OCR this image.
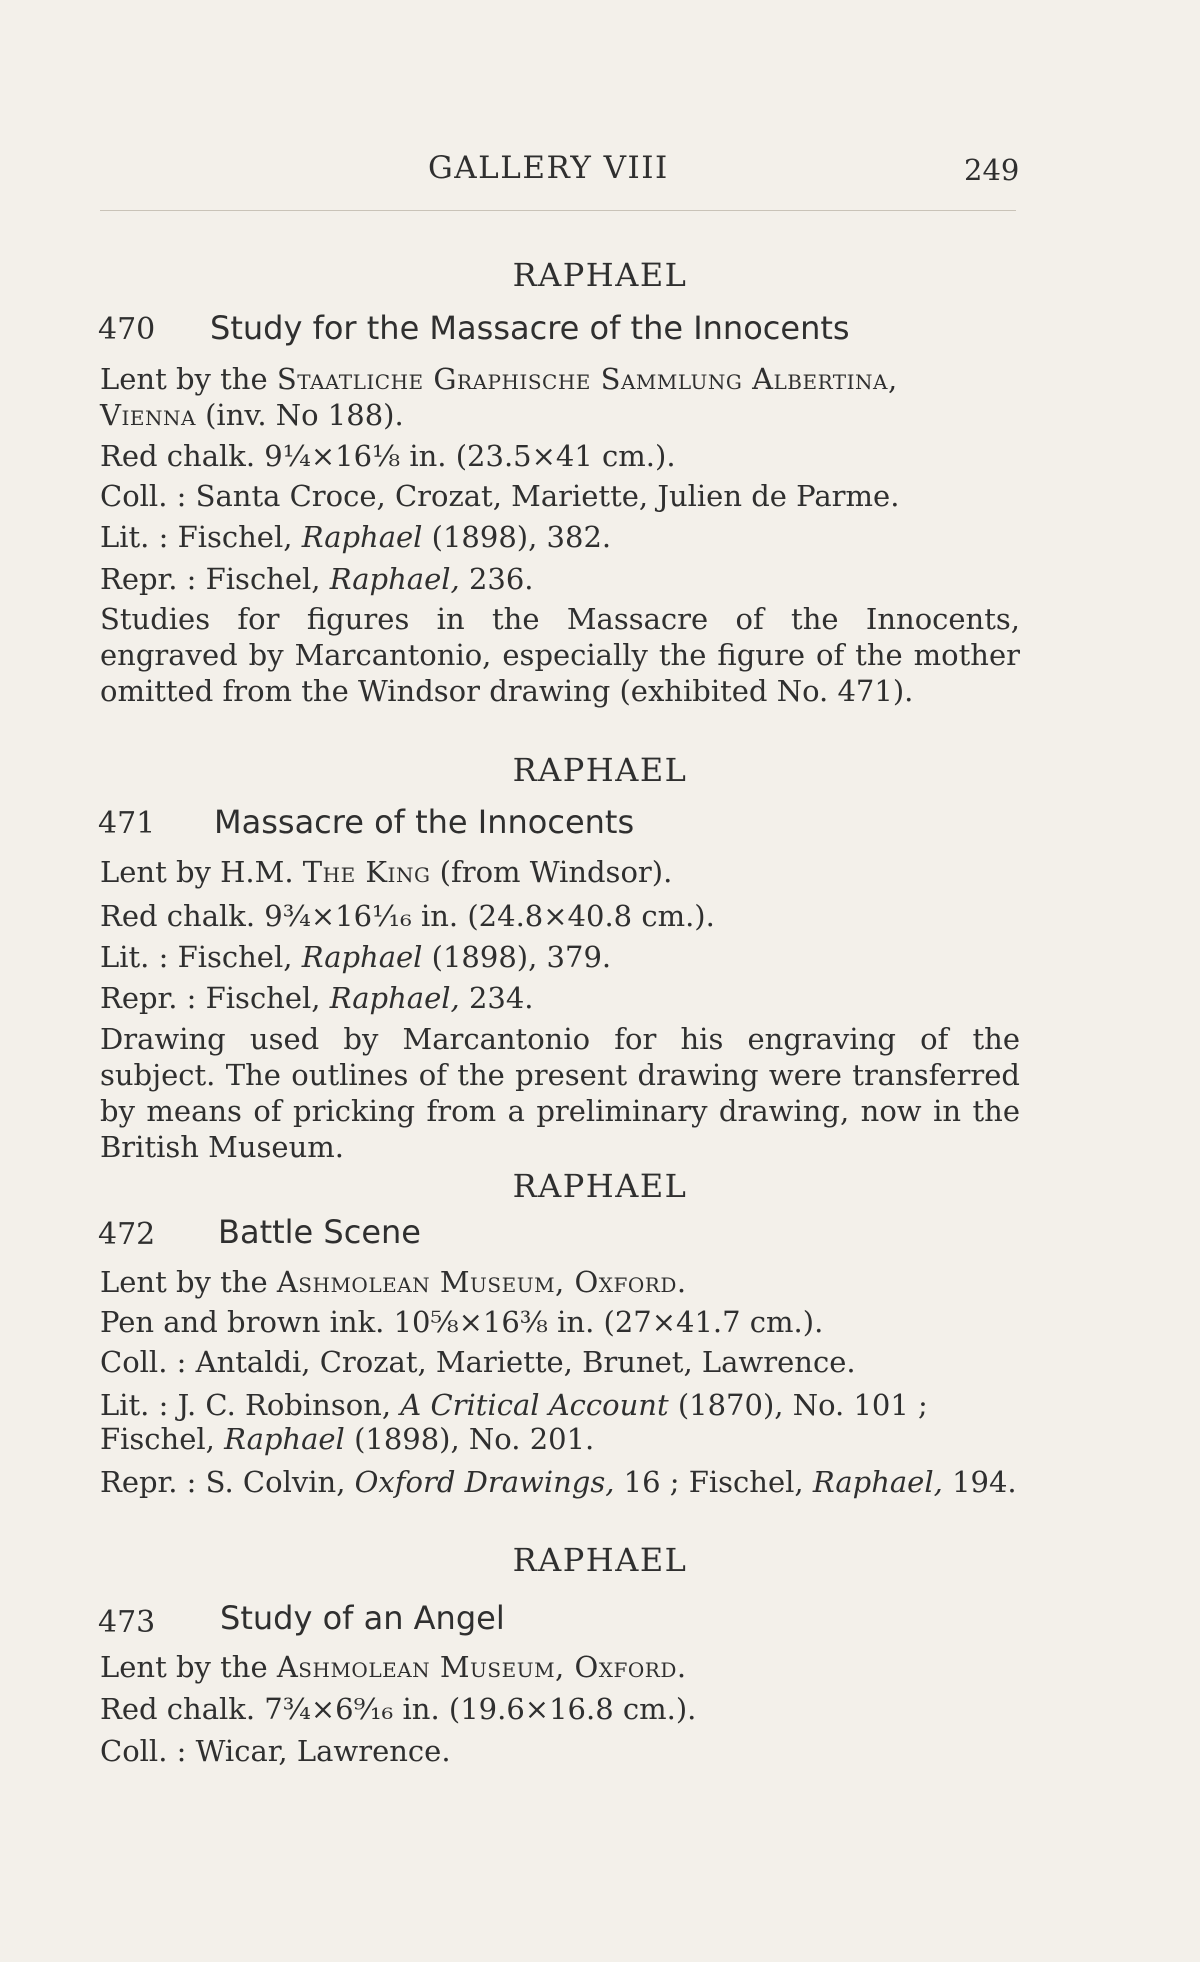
GALLERY VIII	249
RAPHAEL
470 Study for the Massacre of the Innocents
Lent by the Staatliche Graphische Sammlung Albertina,
Vienna (inv. No 188).
Red chalk. 9¼×16⅛ in. (23.5×41 cm.).
Coll. : Santa Croce, Crozat, Mariette, Julien de Parme.
Lit. : Fischel, Raphael (1898), 382.
Repr. : Fischel, Raphael, 236.
Studies for figures in the Massacre of the Innocents, engraved by Marcantonio, especially the figure of the mother omitted from the Windsor drawing (exhibited No. 471).
RAPHAEL
471 Massacre of the Innocents
Lent by H.M. The King (from Windsor).
Red chalk. 9¾×16¹⁄₁₆ in. (24.8×40.8 cm.).
Lit. : Fischel, Raphael (1898), 379.
Repr. : Fischel, Raphael, 234.
Drawing used by Marcantonio for his engraving of the subject. The outlines of the present drawing were transferred by means of pricking from a preliminary drawing, now in the British Museum.
RAPHAEL
472 Battle Scene
Lent by the Ashmolean Museum, Oxford.
Pen and brown ink. 10⅝×16⅜ in. (27×41.7 cm.).
Coll. : Antaldi, Crozat, Mariette, Brunet, Lawrence.
Lit. : J. C. Robinson, A Critical Account (1870), No. 101 ;
Fischel, Raphael (1898), No. 201.
Repr. : S. Colvin, Oxford Drawings, 16 ; Fischel, Raphael, 194.
RAPHAEL
473 Study of an Angel
Lent by the Ashmolean Museum, Oxford.
Red chalk. 7¾×6⁹⁄₁₆ in. (19.6×16.8 cm.).
Coll. : Wicar, Lawrence.
